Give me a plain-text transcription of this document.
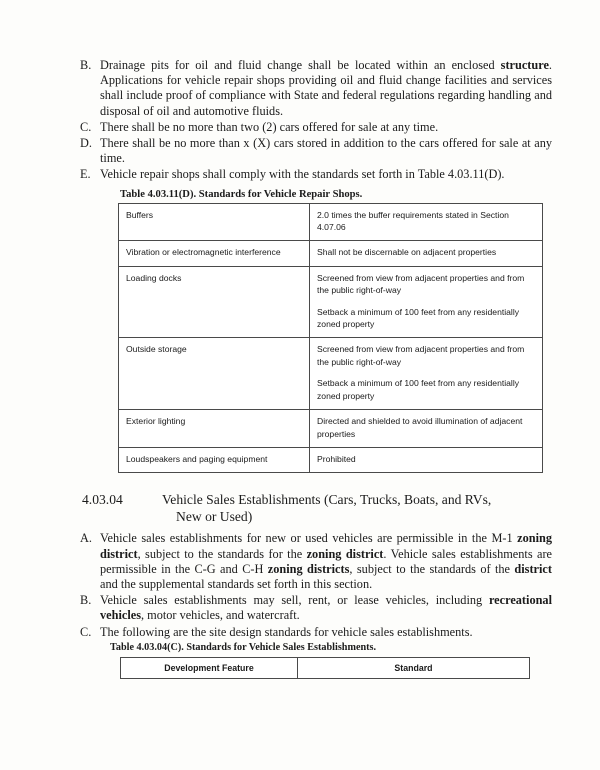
B. Drainage pits for oil and fluid change shall be located within an enclosed structure. Applications for vehicle repair shops providing oil and fluid change facilities and services shall include proof of compliance with State and federal regulations regarding handling and disposal of oil and automotive fluids.
C. There shall be no more than two (2) cars offered for sale at any time.
D. There shall be no more than x (X) cars stored in addition to the cars offered for sale at any time.
E. Vehicle repair shops shall comply with the standards set forth in Table 4.03.11(D).
Table 4.03.11(D). Standards for Vehicle Repair Shops.
Buffers	2.0 times the buffer requirements stated in Section 4.07.06

Vibration or electromagnetic interference	Shall not be discernable on adjacent properties

Loading docks	Screened from view from adjacent properties and from the public right-of-way

Setback a minimum of 100 feet from any residentially zoned property

Outside storage	Screened from view from adjacent properties and from the public right-of-way

Setback a minimum of 100 feet from any residentially zoned property

Exterior lighting	Directed and shielded to avoid illumination of adjacent properties

Loudspeakers and paging equipment	Prohibited

4.03.04	Vehicle Sales Establishments (Cars, Trucks, Boats, and RVs,
New or Used)
A. Vehicle sales establishments for new or used vehicles are permissible in the M-1 zoning district, subject to the standards for the zoning district. Vehicle sales establishments are permissible in the C-G and C-H zoning districts, subject to the standards of the district and the supplemental standards set forth in this section.
B. Vehicle sales establishments may sell, rent, or lease vehicles, including recreational vehicles, motor vehicles, and watercraft.
C. The following are the site design standards for vehicle sales establishments.
Table 4.03.04(C). Standards for Vehicle Sales Establishments.
Development Feature	Standard
